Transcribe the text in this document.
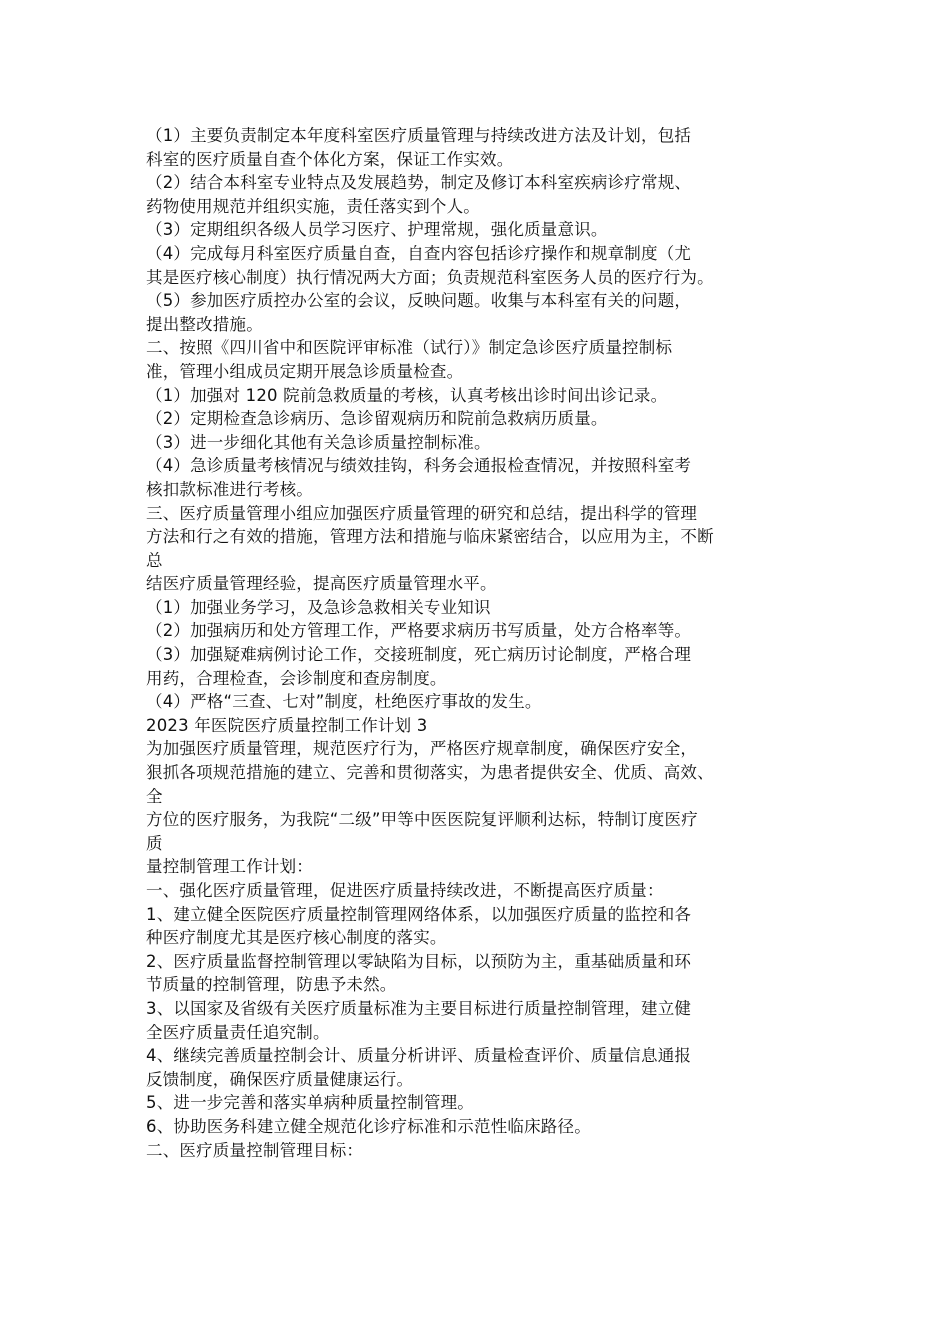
（1）主要负责制定本年度科室医疗质量管理与持续改进方法及计划，包括
科室的医疗质量自查个体化方案，保证工作实效。
（2）结合本科室专业特点及发展趋势，制定及修订本科室疾病诊疗常规、
药物使用规范并组织实施，责任落实到个人。
（3）定期组织各级人员学习医疗、护理常规，强化质量意识。
（4）完成每月科室医疗质量自查，自查内容包括诊疗操作和规章制度（尤
其是医疗核心制度）执行情况两大方面；负责规范科室医务人员的医疗行为。
（5）参加医疗质控办公室的会议，反映问题。收集与本科室有关的问题，
提出整改措施。
二、按照《四川省中和医院评审标准（试行）》制定急诊医疗质量控制标
准，管理小组成员定期开展急诊质量检查。
（1）加强对 120 院前急救质量的考核，认真考核出诊时间出诊记录。
（2）定期检查急诊病历、急诊留观病历和院前急救病历质量。
（3）进一步细化其他有关急诊质量控制标准。
（4）急诊质量考核情况与绩效挂钩，科务会通报检查情况，并按照科室考
核扣款标准进行考核。
三、医疗质量管理小组应加强医疗质量管理的研究和总结，提出科学的管理
方法和行之有效的措施，管理方法和措施与临床紧密结合，以应用为主，不断
总
结医疗质量管理经验，提高医疗质量管理水平。
（1）加强业务学习，及急诊急救相关专业知识
（2）加强病历和处方管理工作，严格要求病历书写质量，处方合格率等。
（3）加强疑难病例讨论工作，交接班制度，死亡病历讨论制度，严格合理
用药，合理检查，会诊制度和查房制度。
（4）严格“三查、七对”制度，杜绝医疗事故的发生。
2023 年医院医疗质量控制工作计划 3
为加强医疗质量管理，规范医疗行为，严格医疗规章制度，确保医疗安全，
狠抓各项规范措施的建立、完善和贯彻落实，为患者提供安全、优质、高效、
全
方位的医疗服务，为我院“二级”甲等中医医院复评顺利达标，特制订度医疗
质
量控制管理工作计划：
一、强化医疗质量管理，促进医疗质量持续改进，不断提高医疗质量：
1、建立健全医院医疗质量控制管理网络体系，以加强医疗质量的监控和各
种医疗制度尤其是医疗核心制度的落实。
2、医疗质量监督控制管理以零缺陷为目标，以预防为主，重基础质量和环
节质量的控制管理，防患予未然。
3、以国家及省级有关医疗质量标准为主要目标进行质量控制管理，建立健
全医疗质量责任追究制。
4、继续完善质量控制会计、质量分析讲评、质量检查评价、质量信息通报
反馈制度，确保医疗质量健康运行。
5、进一步完善和落实单病种质量控制管理。
6、协助医务科建立健全规范化诊疗标准和示范性临床路径。
二、医疗质量控制管理目标：
